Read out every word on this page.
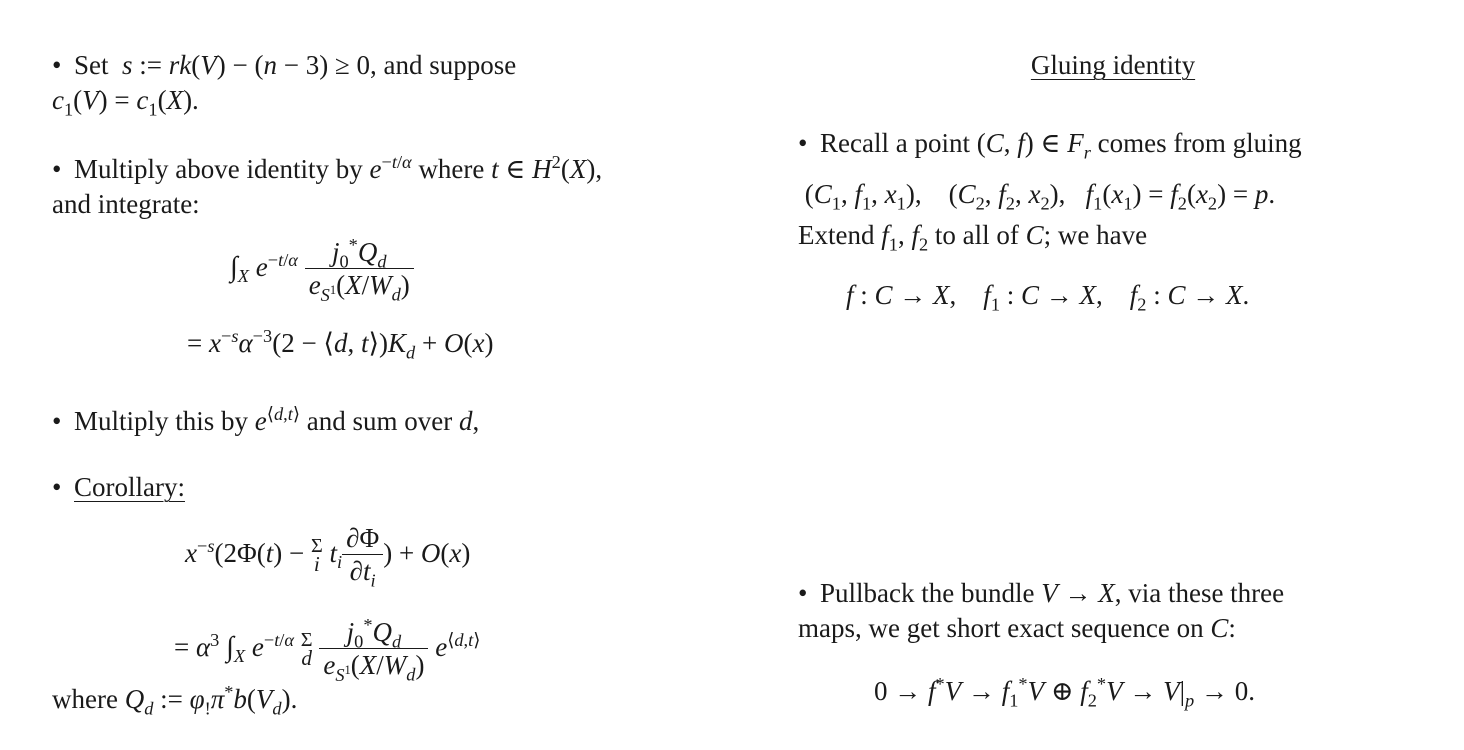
• Set s := rk(V) − (n − 3) ≥ 0, and suppose
$c_1(V) = c_1(X)$.
• Multiply above identity by $e^{-t/\alpha}$ where t ∈ $H^2(X)$,
and integrate:
$\int_X$ $e^{-t/\alpha} \frac{j_0^*Q_d}{e_{S^1}(X/W_d)}$
= $x^{-s}\alpha^{-3}(2$ − ⟨d, $t⟩)K_d + O(x)$
• Multiply this by $e^{⟨d,t⟩}$ and sum over d,
• Corollary:
$x^{-s}(2\Phi(t) - \Sigma$
i $t_i \frac{\partial\Phi}{\partial t_i}$ ) + O(x)
= $\alpha^3$ $\int_X$ $e^{-t/\alpha}$ Σ
d
$\frac{j_0^*Q_d}{e_{S^1}(X/W_d)} e^{⟨d,t⟩}$
where $Q_d$ := $\varphi_!\pi^*b(V_d)$.
Gluing identity
• Recall a point (C, f) ∈ $F_r$ comes from gluing
($C_1$, $f_1$, $x_1$),    ($C_2$, $f_2$, $x_2$),   $f_1(x_1) = f_2(x_2) = p$.
Extend $f_1$, $f_2$ to all of C; we have
f : C → X,    $f_1$ : C → X,    $f_2$ : C → X.
• Pullback the bundle V → X, via these three
maps, we get short exact sequence on C:
$0 \to f^*V \to f_1^*V$ ⊕ $f_2^*V \to V|_p \to 0$.
